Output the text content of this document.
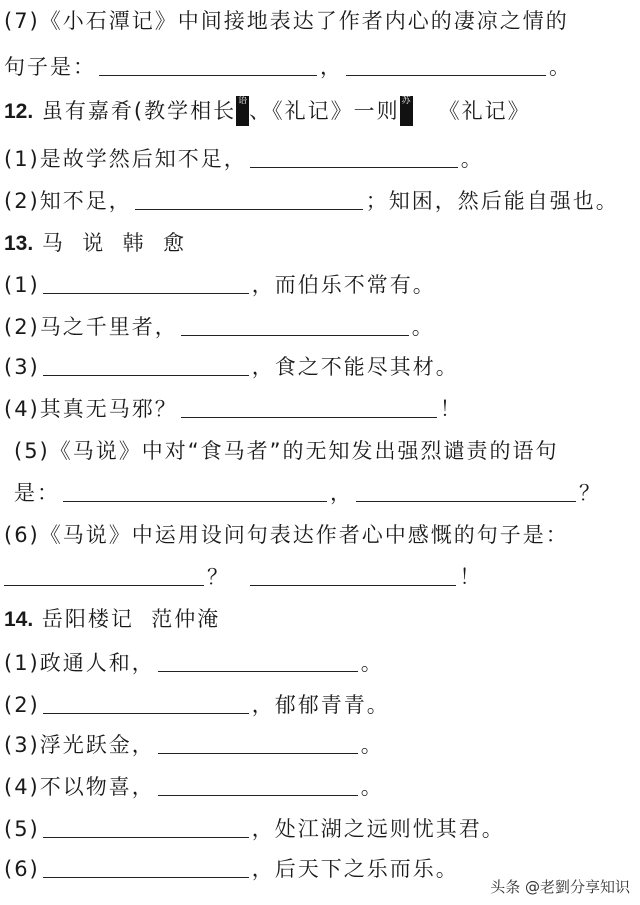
(7)《小石潭记》中间接地表达了作者内心的凄凉之情的
句子是：	，	。
12. 虽有嘉肴(教学相长 语、《礼记》一则 苏 《礼记》
(1)是故学然后知不足，	。
(2)知不足，	；知困，然后能自强也。
13. 马  说  韩  愈
(1)	，而伯乐不常有。
(2)马之千里者，	。
(3)	，食之不能尽其材。
(4)其真无马邪？	！
(5)《马说》中对“食马者”的无知发出强烈谴责的语句
是：	，	？
(6)《马说》中运用设问句表达作者心中感慨的句子是：
？	！
14. 岳阳楼记  范仲淹
(1)政通人和，	。
(2)	，郁郁青青。
(3)浮光跃金，	。
(4)不以物喜，	。
(5)	，处江湖之远则忧其君。
(6)	，后天下之乐而乐。
头条 @老劉分享知识
